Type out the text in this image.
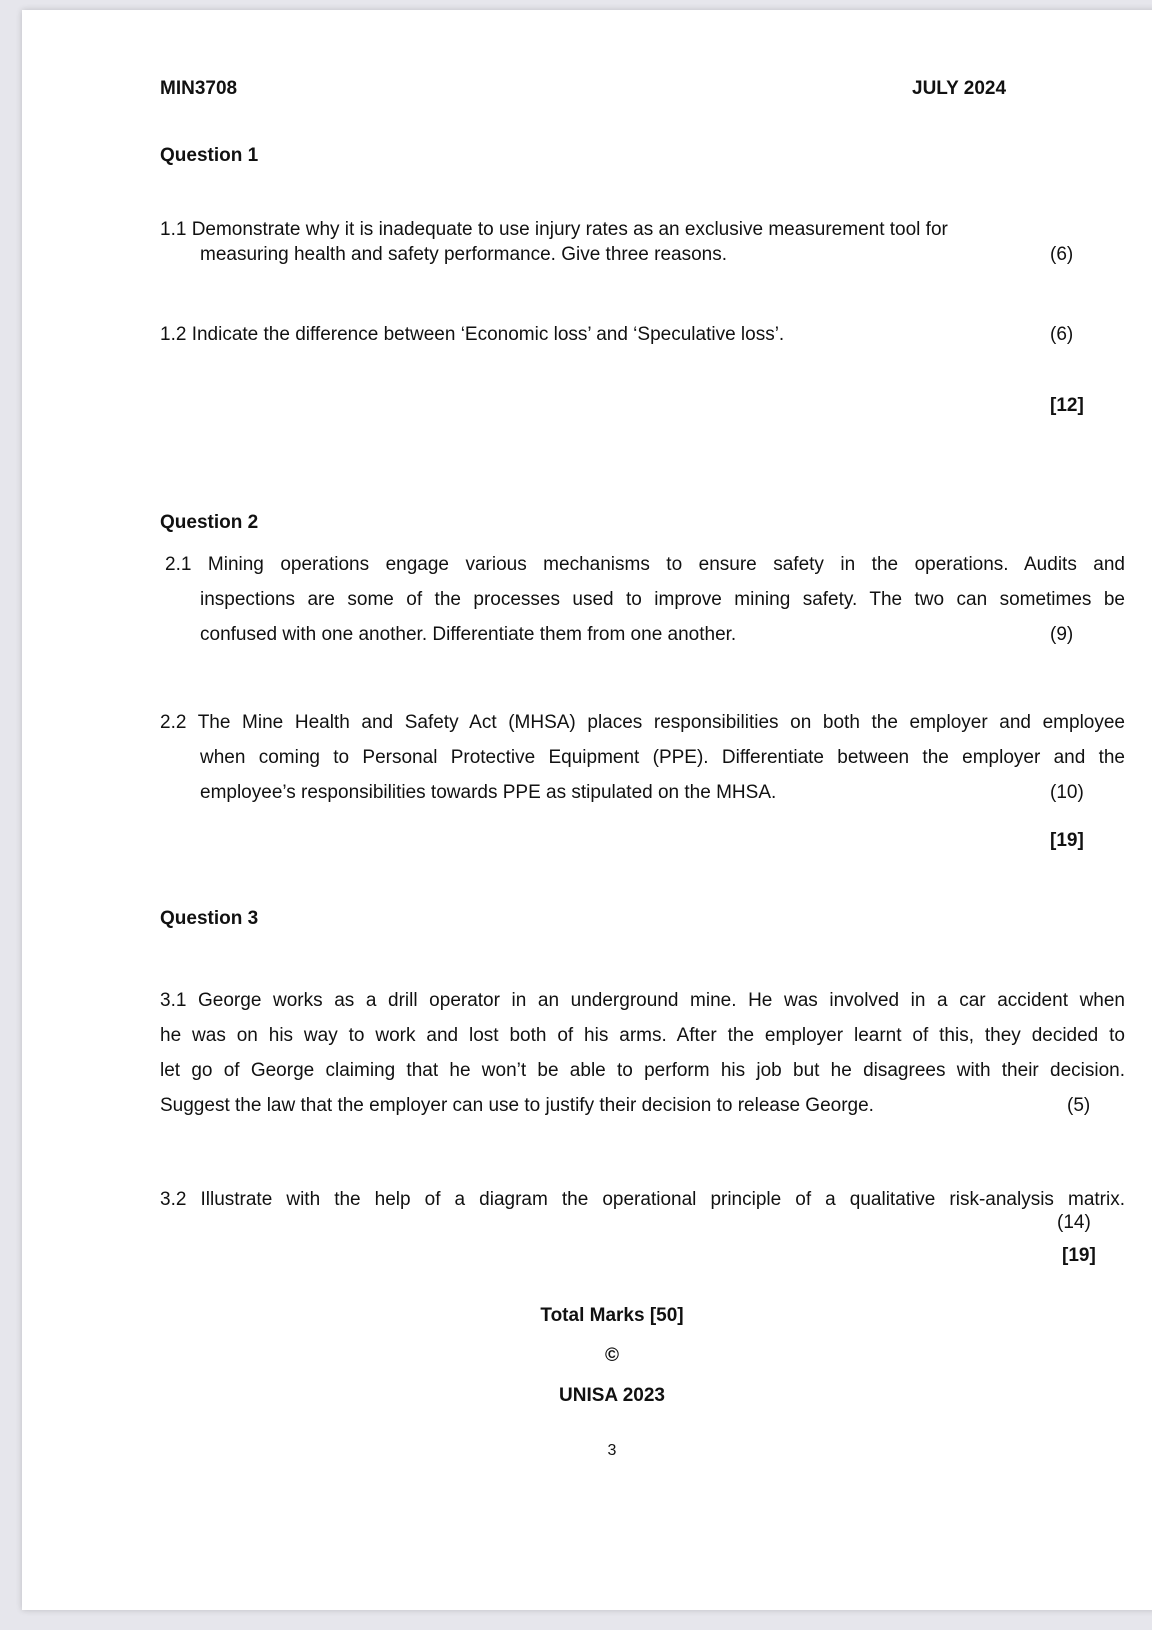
MIN3708	JULY 2024
Question 1
1.1 Demonstrate why it is inadequate to use injury rates as an exclusive measurement tool for
measuring health and safety performance. Give three reasons.	(6)
1.2 Indicate the difference between ‘Economic loss’ and ‘Speculative loss’.	(6)
[12]
Question 2
2.1 Mining operations engage various mechanisms to ensure safety in the operations. Audits and
inspections are some of the processes used to improve mining safety. The two can sometimes be
confused with one another. Differentiate them from one another.	(9)
2.2 The Mine Health and Safety Act (MHSA) places responsibilities on both the employer and employee
when coming to Personal Protective Equipment (PPE). Differentiate between the employer and the
employee’s responsibilities towards PPE as stipulated on the MHSA.	(10)
[19]
Question 3
3.1 George works as a drill operator in an underground mine. He was involved in a car accident when
he was on his way to work and lost both of his arms. After the employer learnt of this, they decided to
let go of George claiming that he won’t be able to perform his job but he disagrees with their decision.
Suggest the law that the employer can use to justify their decision to release George.	(5)
3.2 Illustrate with the help of a diagram the operational principle of a qualitative risk-analysis matrix.
(14)
[19]
Total Marks [50]
©
UNISA 2023
3
